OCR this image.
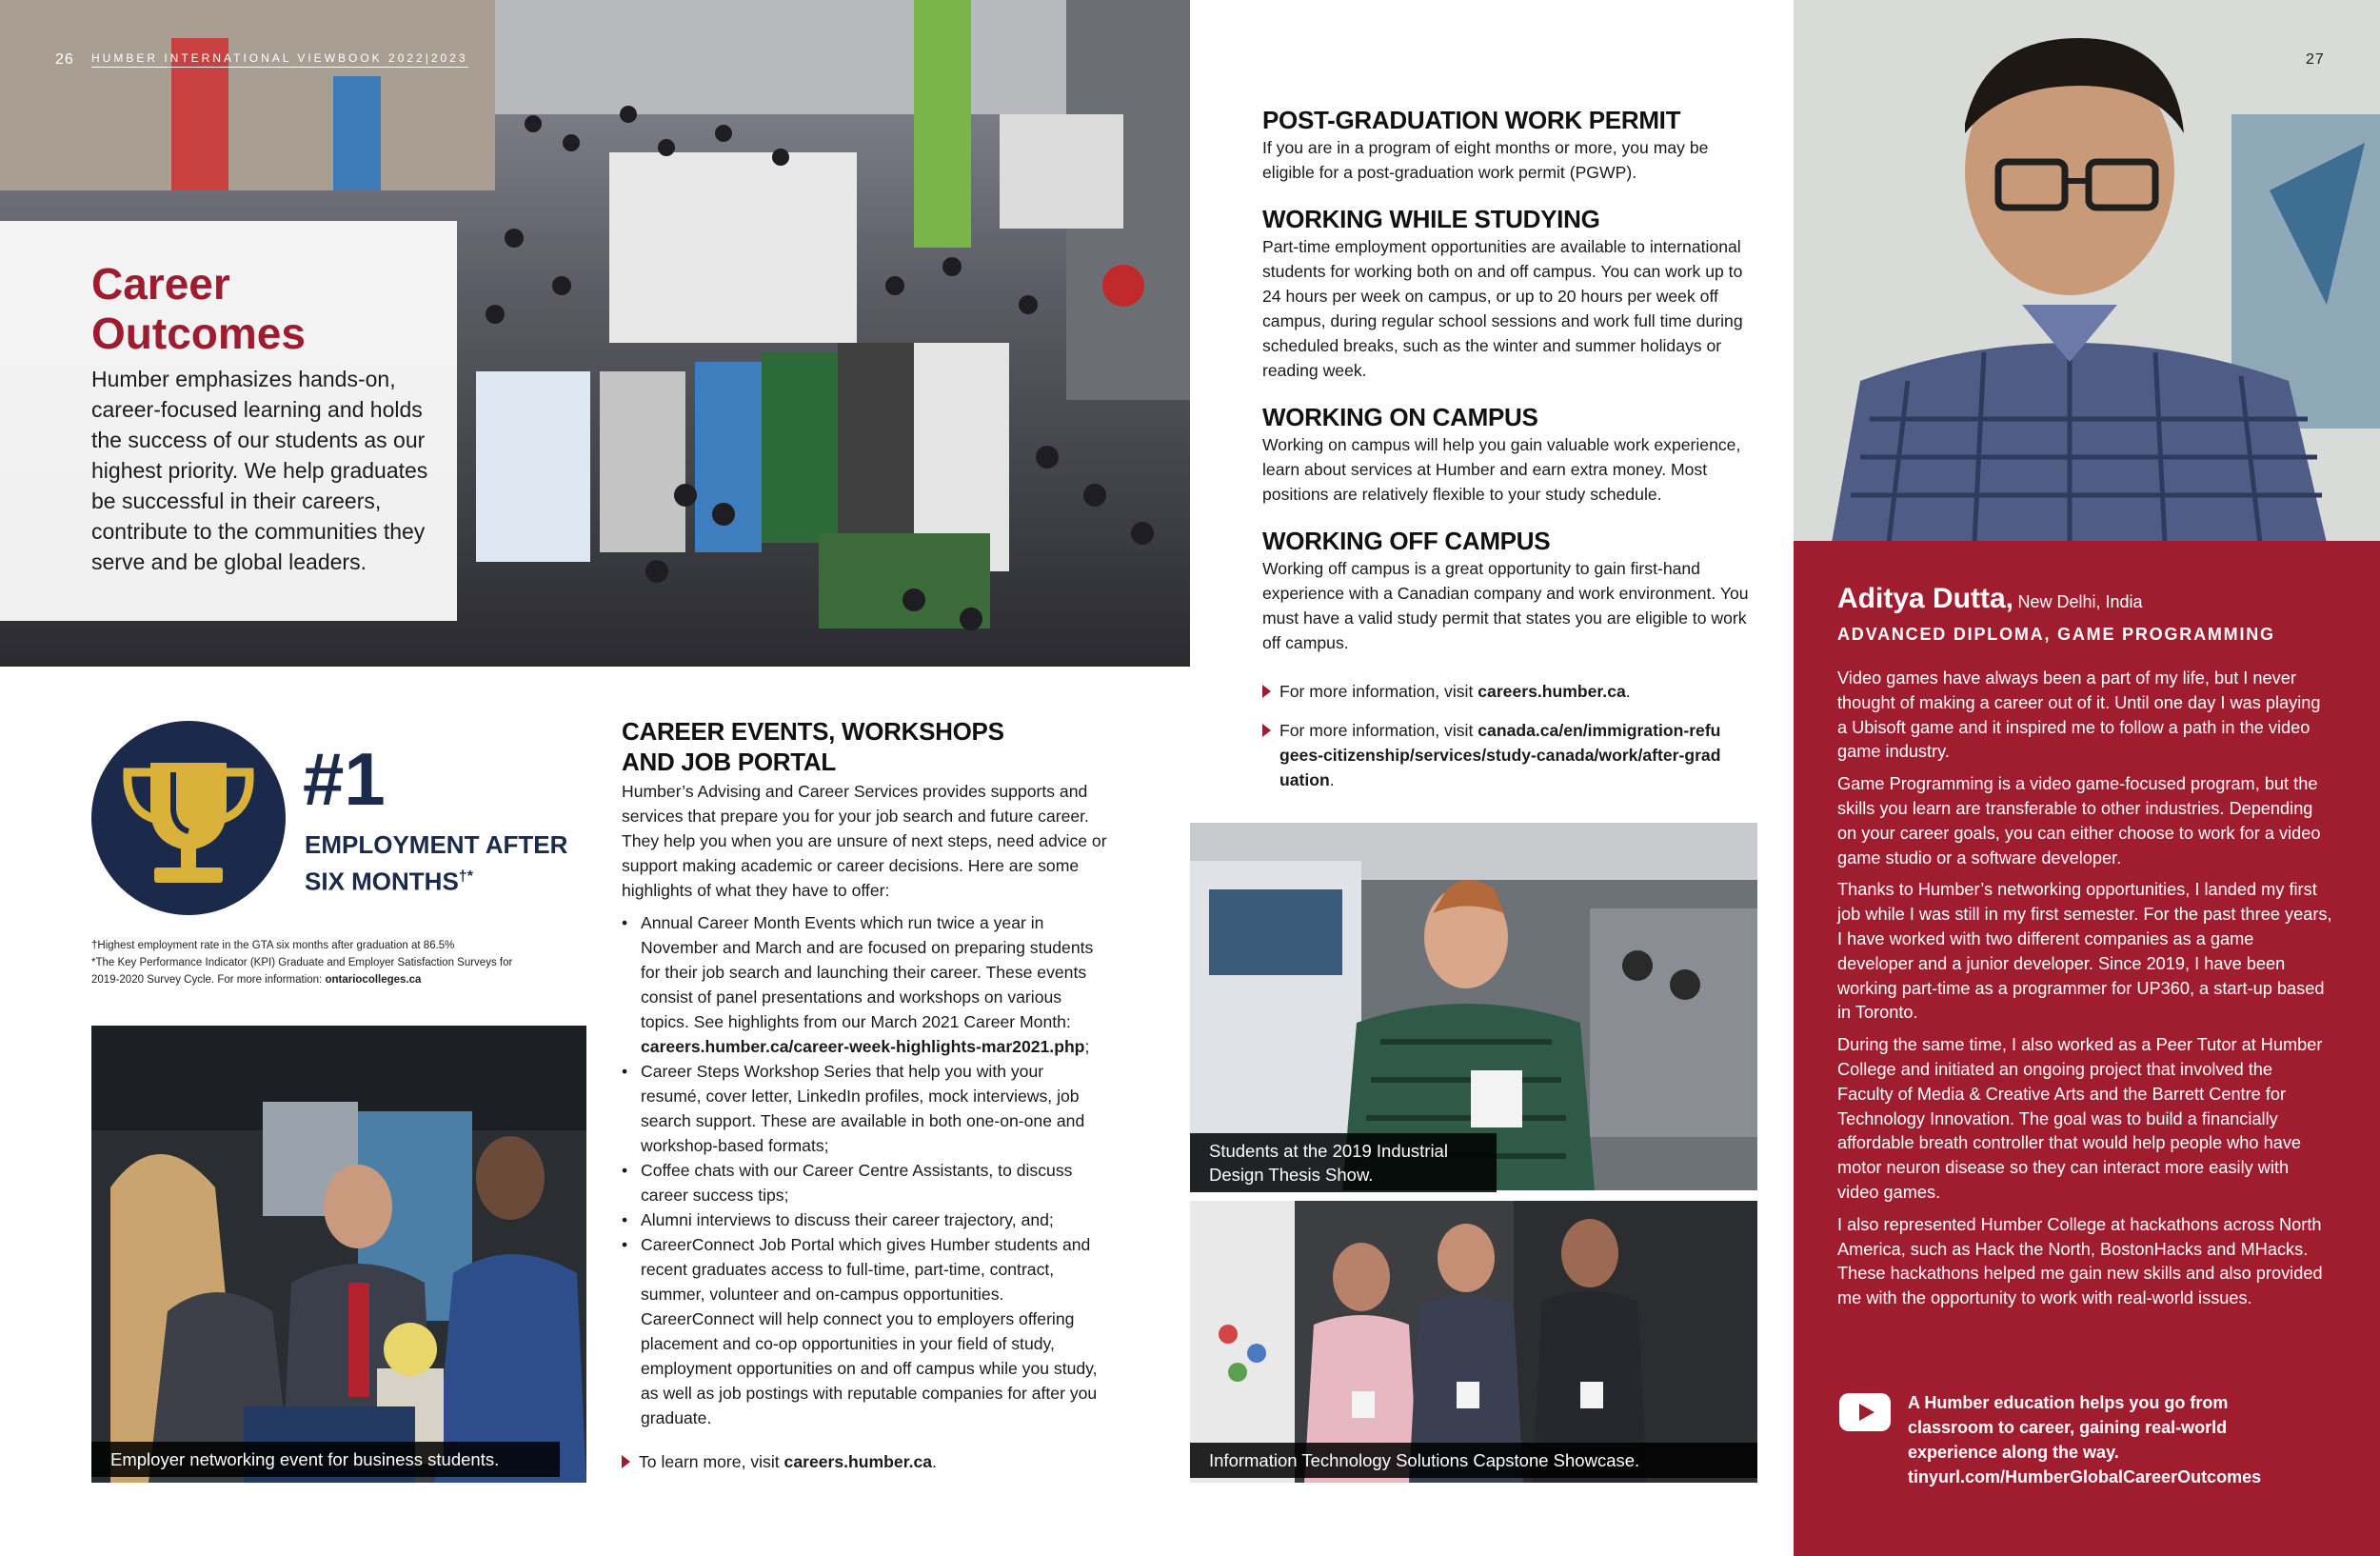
26 HUMBER INTERNATIONAL VIEWBOOK 2022|2023
Career
Outcomes
Humber emphasizes hands-on, career-focused learning and holds the success of our students as our highest priority. We help graduates be successful in their careers, contribute to the communities they serve and be global leaders.
#1
EMPLOYMENT AFTER
SIX MONTHS†*
†Highest employment rate in the GTA six months after graduation at 86.5%
*The Key Performance Indicator (KPI) Graduate and Employer Satisfaction Surveys for 2019-2020 Survey Cycle. For more information: ontariocolleges.ca
Employer networking event for business students.
CAREER EVENTS, WORKSHOPS
AND JOB PORTAL
Humber’s Advising and Career Services provides supports and services that prepare you for your job search and future career. They help you when you are unsure of next steps, need advice or support making academic or career decisions. Here are some highlights of what they have to offer:
• Annual Career Month Events which run twice a year in November and March and are focused on preparing students for their job search and launching their career. These events consist of panel presentations and workshops on various topics. See highlights from our March 2021 Career Month: careers.humber.ca/career-week-highlights-mar2021.php;
• Career Steps Workshop Series that help you with your resumé, cover letter, LinkedIn profiles, mock interviews, job search support. These are available in both one-on-one and workshop-based formats;
• Coffee chats with our Career Centre Assistants, to discuss career success tips;
• Alumni interviews to discuss their career trajectory, and;
• CareerConnect Job Portal which gives Humber students and recent graduates access to full-time, part-time, contract, summer, volunteer and on-campus opportunities. CareerConnect will help connect you to employers offering placement and co-op opportunities in your field of study, employment opportunities on and off campus while you study, as well as job postings with reputable companies for after you graduate.
To learn more, visit careers.humber.ca.
POST-GRADUATION WORK PERMIT
If you are in a program of eight months or more, you may be eligible for a post-graduation work permit (PGWP).
WORKING WHILE STUDYING
Part-time employment opportunities are available to international students for working both on and off campus. You can work up to 24 hours per week on campus, or up to 20 hours per week off campus, during regular school sessions and work full time during scheduled breaks, such as the winter and summer holidays or reading week.
WORKING ON CAMPUS
Working on campus will help you gain valuable work experience, learn about services at Humber and earn extra money. Most positions are relatively flexible to your study schedule.
WORKING OFF CAMPUS
Working off campus is a great opportunity to gain first-hand experience with a Canadian company and work environment. You must have a valid study permit that states you are eligible to work off campus.
For more information, visit careers.humber.ca.
For more information, visit canada.ca/en/immigration-refugees-citizenship/services/study-canada/work/after-graduation.
Students at the 2019 Industrial Design Thesis Show.
Information Technology Solutions Capstone Showcase.
27
Aditya Dutta, New Delhi, India
ADVANCED DIPLOMA, GAME PROGRAMMING

Video games have always been a part of my life, but I never thought of making a career out of it. Until one day I was playing a Ubisoft game and it inspired me to follow a path in the video game industry.

Game Programming is a video game-focused program, but the skills you learn are transferable to other industries. Depending on your career goals, you can either choose to work for a video game studio or a software developer.

Thanks to Humber’s networking opportunities, I landed my first job while I was still in my first semester. For the past three years, I have worked with two different companies as a game developer and a junior developer. Since 2019, I have been working part-time as a programmer for UP360, a start-up based in Toronto.

During the same time, I also worked as a Peer Tutor at Humber College and initiated an ongoing project that involved the Faculty of Media & Creative Arts and the Barrett Centre for Technology Innovation. The goal was to build a financially affordable breath controller that would help people who have motor neuron disease so they can interact more easily with video games.

I also represented Humber College at hackathons across North America, such as Hack the North, BostonHacks and MHacks. These hackathons helped me gain new skills and also provided me with the opportunity to work with real-world issues.

A Humber education helps you go from classroom to career, gaining real-world experience along the way.
tinyurl.com/HumberGlobalCareerOutcomes
